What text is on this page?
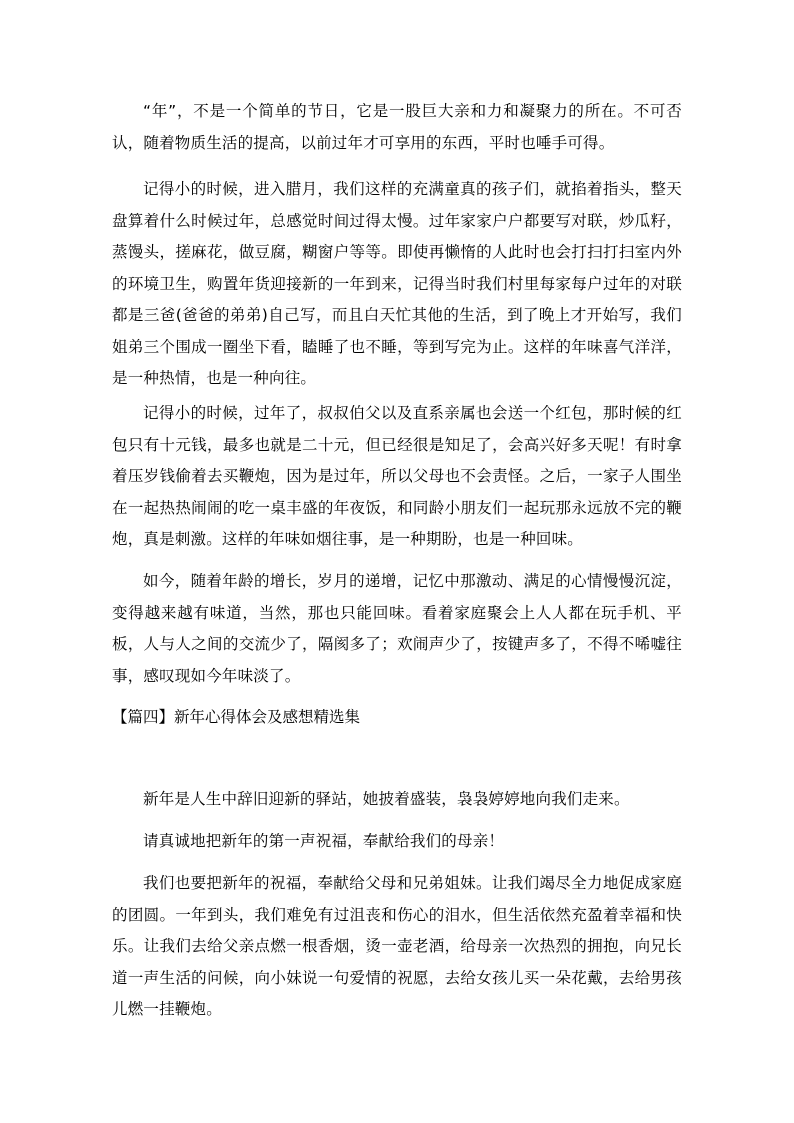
“年”，不是一个简单的节日，它是一股巨大亲和力和凝聚力的所在。不可否认，随着物质生活的提高，以前过年才可享用的东西，平时也唾手可得。

记得小的时候，进入腊月，我们这样的充满童真的孩子们，就掐着指头，整天盘算着什么时候过年，总感觉时间过得太慢。过年家家户户都要写对联，炒瓜籽，蒸馒头，搓麻花，做豆腐，糊窗户等等。即使再懒惰的人此时也会打扫打扫室内外的环境卫生，购置年货迎接新的一年到来，记得当时我们村里每家每户过年的对联都是三爸(爸爸的弟弟)自己写，而且白天忙其他的生活，到了晚上才开始写，我们姐弟三个围成一圈坐下看，瞌睡了也不睡，等到写完为止。这样的年味喜气洋洋，是一种热情，也是一种向往。

记得小的时候，过年了，叔叔伯父以及直系亲属也会送一个红包，那时候的红包只有十元钱，最多也就是二十元，但已经很是知足了，会高兴好多天呢！有时拿着压岁钱偷着去买鞭炮，因为是过年，所以父母也不会责怪。之后，一家子人围坐在一起热热闹闹的吃一桌丰盛的年夜饭，和同龄小朋友们一起玩那永远放不完的鞭炮，真是刺激。这样的年味如烟往事，是一种期盼，也是一种回味。

如今，随着年龄的增长，岁月的递增，记忆中那激动、满足的心情慢慢沉淀，变得越来越有味道，当然，那也只能回味。看着家庭聚会上人人都在玩手机、平板，人与人之间的交流少了，隔阂多了；欢闹声少了，按键声多了，不得不唏嘘往事，感叹现如今年味淡了。

【篇四】新年心得体会及感想精选集

新年是人生中辞旧迎新的驿站，她披着盛装，袅袅婷婷地向我们走来。

请真诚地把新年的第一声祝福，奉献给我们的母亲！

我们也要把新年的祝福，奉献给父母和兄弟姐妹。让我们竭尽全力地促成家庭的团圆。一年到头，我们难免有过沮丧和伤心的泪水，但生活依然充盈着幸福和快乐。让我们去给父亲点燃一根香烟，烫一壶老酒，给母亲一次热烈的拥抱，向兄长道一声生活的问候，向小妹说一句爱情的祝愿，去给女孩儿买一朵花戴，去给男孩儿燃一挂鞭炮。
